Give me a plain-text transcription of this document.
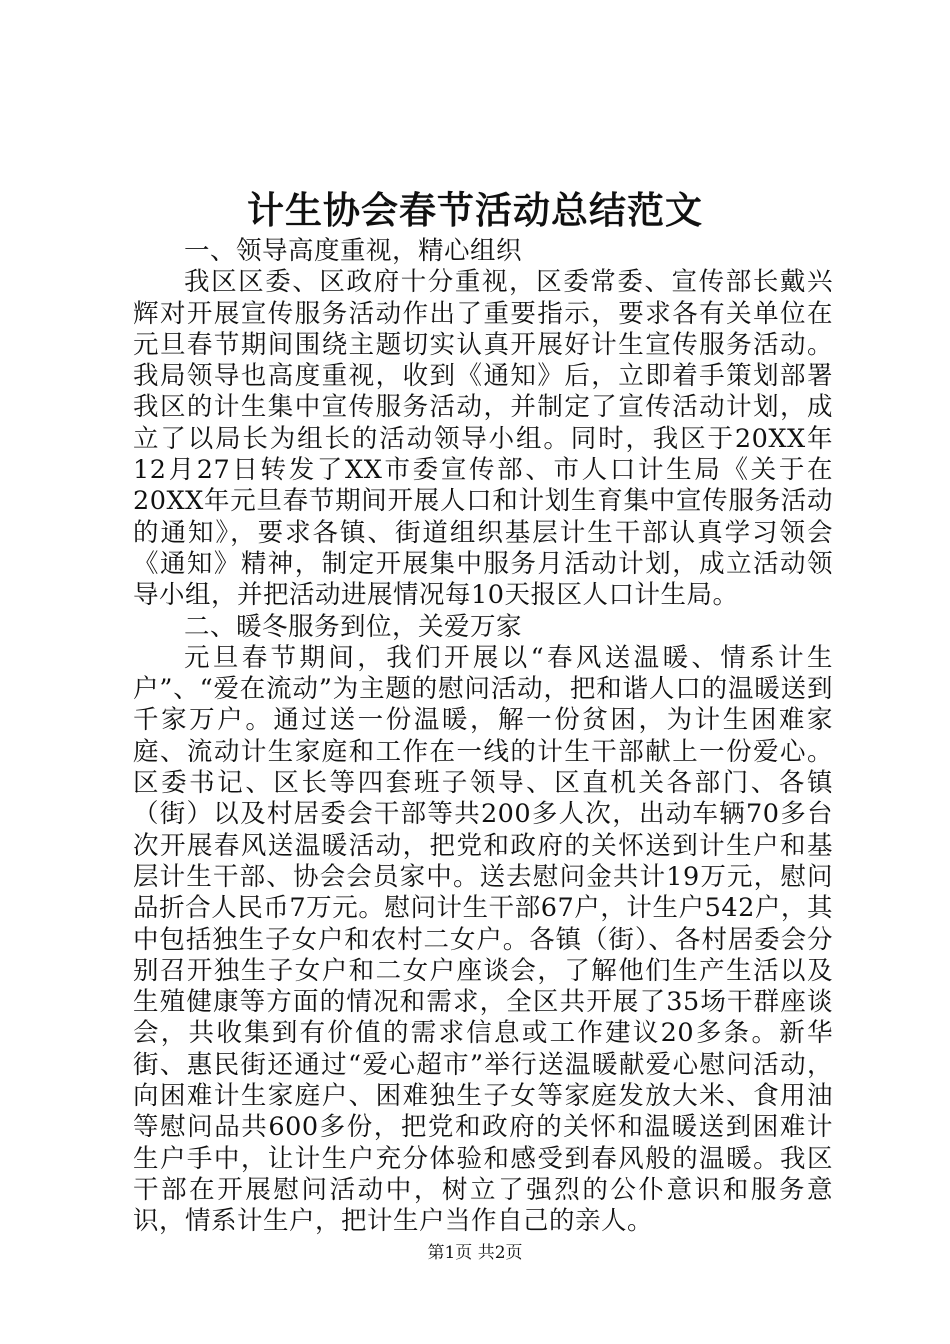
计生协会春节活动总结范文

一、领导高度重视，精心组织

我区区委、区政府十分重视，区委常委、宣传部长戴兴辉对开展宣传服务活动作出了重要指示，要求各有关单位在元旦春节期间围绕主题切实认真开展好计生宣传服务活动。我局领导也高度重视，收到《通知》后，立即着手策划部署我区的计生集中宣传服务活动，并制定了宣传活动计划，成立了以局长为组长的活动领导小组。同时，我区于20XX年12月27日转发了XX市委宣传部、市人口计生局《关于在20XX年元旦春节期间开展人口和计划生育集中宣传服务活动的通知》，要求各镇、街道组织基层计生干部认真学习领会《通知》精神，制定开展集中服务月活动计划，成立活动领导小组，并把活动进展情况每10天报区人口计生局。

二、暖冬服务到位，关爱万家

元旦春节期间，我们开展以“春风送温暖、情系计生户”、“爱在流动”为主题的慰问活动，把和谐人口的温暖送到千家万户。通过送一份温暖，解一份贫困，为计生困难家庭、流动计生家庭和工作在一线的计生干部献上一份爱心。区委书记、区长等四套班子领导、区直机关各部门、各镇（街）以及村居委会干部等共200多人次，出动车辆70多台次开展春风送温暖活动，把党和政府的关怀送到计生户和基层计生干部、协会会员家中。送去慰问金共计19万元，慰问品折合人民币7万元。慰问计生干部67户，计生户542户，其中包括独生子女户和农村二女户。各镇（街）、各村居委会分别召开独生子女户和二女户座谈会，了解他们生产生活以及生殖健康等方面的情况和需求，全区共开展了35场干群座谈会，共收集到有价值的需求信息或工作建议20多条。新华街、惠民街还通过“爱心超市”举行送温暖献爱心慰问活动，向困难计生家庭户、困难独生子女等家庭发放大米、食用油等慰问品共600多份，把党和政府的关怀和温暖送到困难计生户手中，让计生户充分体验和感受到春风般的温暖。我区干部在开展慰问活动中，树立了强烈的公仆意识和服务意识，情系计生户，把计生户当作自己的亲人。

第1页 共2页
